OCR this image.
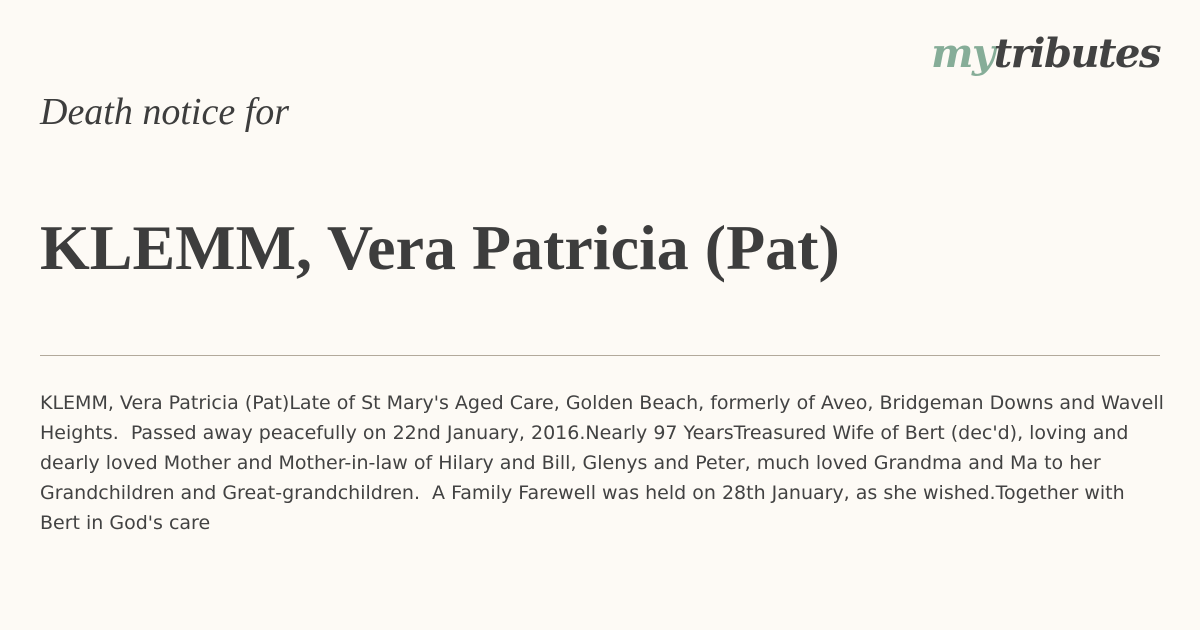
mytributes
Death notice for
KLEMM, Vera Patricia (Pat)

KLEMM, Vera Patricia (Pat)Late of St Mary's Aged Care, Golden Beach, formerly of Aveo, Bridgeman Downs and Wavell Heights.  Passed away peacefully on 22nd January, 2016.Nearly 97 YearsTreasured Wife of Bert (dec'd), loving and dearly loved Mother and Mother-in-law of Hilary and Bill, Glenys and Peter, much loved Grandma and Ma to her Grandchildren and Great-grandchildren.  A Family Farewell was held on 28th January, as she wished.Together with Bert in God's care
